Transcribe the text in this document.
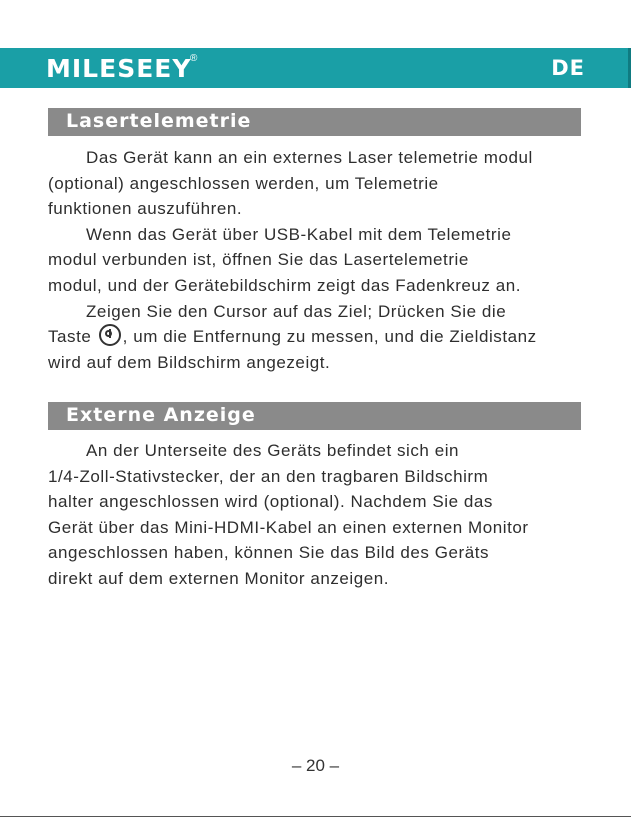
MILESEEY
®	DE
Lasertelemetrie
Das Gerät kann an ein externes Laser telemetrie modul
(optional) angeschlossen werden, um Telemetrie
funktionen auszuführen.
Wenn das Gerät über USB-Kabel mit dem Telemetrie
modul verbunden ist, öffnen Sie das Lasertelemetrie
modul, und der Gerätebildschirm zeigt das Fadenkreuz an.
Zeigen Sie den Cursor auf das Ziel; Drücken Sie die
Taste , um die Entfernung zu messen, und die Zieldistanz
wird auf dem Bildschirm angezeigt.
Externe Anzeige
An der Unterseite des Geräts befindet sich ein
1/4-Zoll-Stativstecker, der an den tragbaren Bildschirm
halter angeschlossen wird (optional). Nachdem Sie das
Gerät über das Mini-HDMI-Kabel an einen externen Monitor
angeschlossen haben, können Sie das Bild des Geräts
direkt auf dem externen Monitor anzeigen.
– 20 –
